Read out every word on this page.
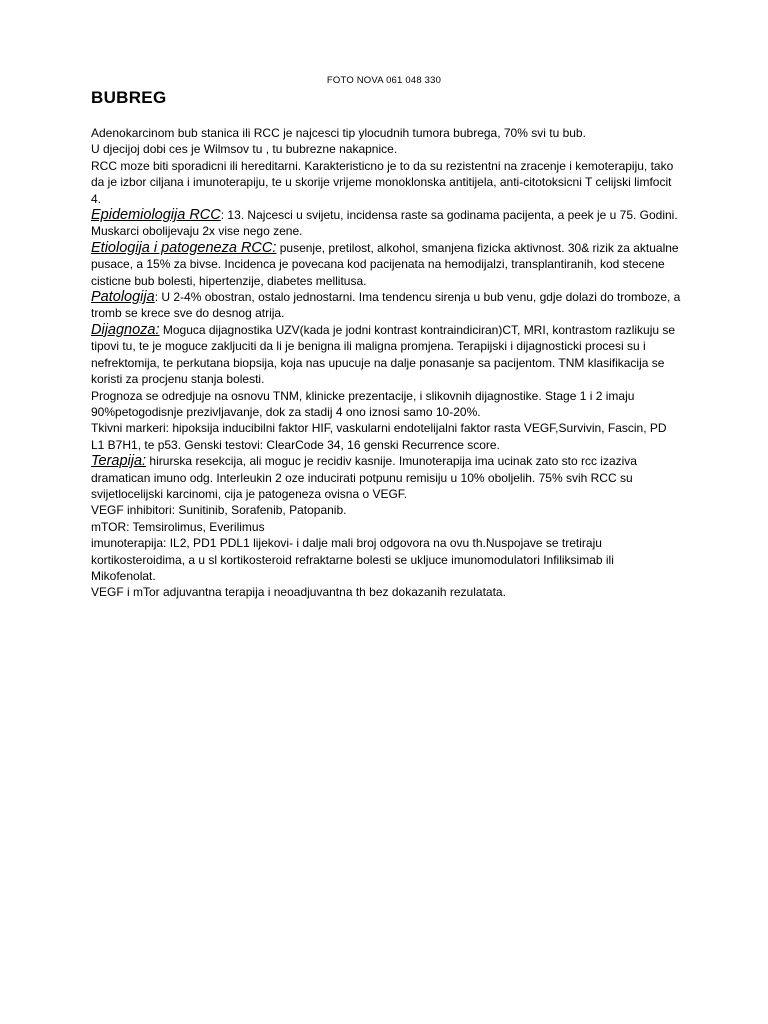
FOTO NOVA 061 048 330
BUBREG

Adenokarcinom bub stanica ili RCC je najcesci tip ylocudnih tumora bubrega, 70% svi tu bub.

U djecijoj dobi ces je Wilmsov tu , tu bubrezne nakapnice.

RCC moze biti sporadicni ili hereditarni. Karakteristicno je to da su rezistentni na zracenje i kemoterapiju, tako da je izbor ciljana i imunoterapiju, te u skorije vrijeme monoklonska antitijela, anti-citotoksicni T celijski limfocit 4.

Epidemiologija RCC: 13. Najcesci u svijetu, incidensa raste sa godinama pacijenta, a peek je u 75. Godini. Muskarci obolijevaju 2x vise nego zene.

Etiologija i patogeneza RCC: pusenje, pretilost, alkohol, smanjena fizicka aktivnost. 30& rizik za aktualne pusace, a 15% za bivse. Incidencа je povecana kod pacijenata na hemodijalzi, transplantiranih, kod stecene cisticne bub bolesti, hipertenzije, diabetes mellitusa.

Patologija: U 2-4% obostran, ostalo jednostarni. Ima tendencu sirenja u bub venu, gdje dolazi do tromboze, a tromb se krece sve do desnog atrija.

Dijagnoza: Moguca dijagnostika UZV(kada je jodni kontrast kontraindiciran)CT, MRI, kontrastom razlikuju se tipovi tu, te je moguce zakljuciti da li je benigna ili maligna promjena. Terapijski i dijagnosticki procesi su i nefrektomija, te perkutana biopsija, koja nas upucuje na dalje ponasanje sa pacijentom. TNM klasifikacija se koristi za procjenu stanja bolesti.

Prognoza se odredjuje na osnovu TNM, klinicke prezentacije, i slikovnih dijagnostike. Stage 1 i 2 imaju 90%petogodisnje prezivljavanje, dok za stadij 4 ono iznosi samo 10-20%.

Tkivni markeri: hipoksija inducibilni faktor HIF, vaskularni endotelijalni faktor rasta VEGF,Survivin, Fascin, PD L1 B7H1, te p53. Genski testovi: ClearCode 34, 16 genski Recurrence score.

Terapija: hirurska resekcija, ali moguc je recidiv kasnije. Imunoterapija ima ucinak zato sto rcc izaziva dramatican imuno odg. Interleukin 2 oze inducirati potpunu remisiju u 10% oboljelih. 75% svih RCC su svijetlocelijski karcinomi, cija je patogeneza ovisna o VEGF.

VEGF inhibitori: Sunitinib, Sorafenib, Patopanib.

mTOR: Temsirolimus, Everilimus

imunoterapija: IL2, PD1 PDL1 lijekovi- i dalje mali broj odgovora na ovu th.Nuspojave se tretiraju kortikosteroidima, a u sl kortikosteroid refraktarne bolesti se ukljuce imunomodulatori Infiliksimab ili Mikofenolat.

VEGF i mTor adjuvantna terapija i neoadjuvantna th bez dokazanih rezulatata.
